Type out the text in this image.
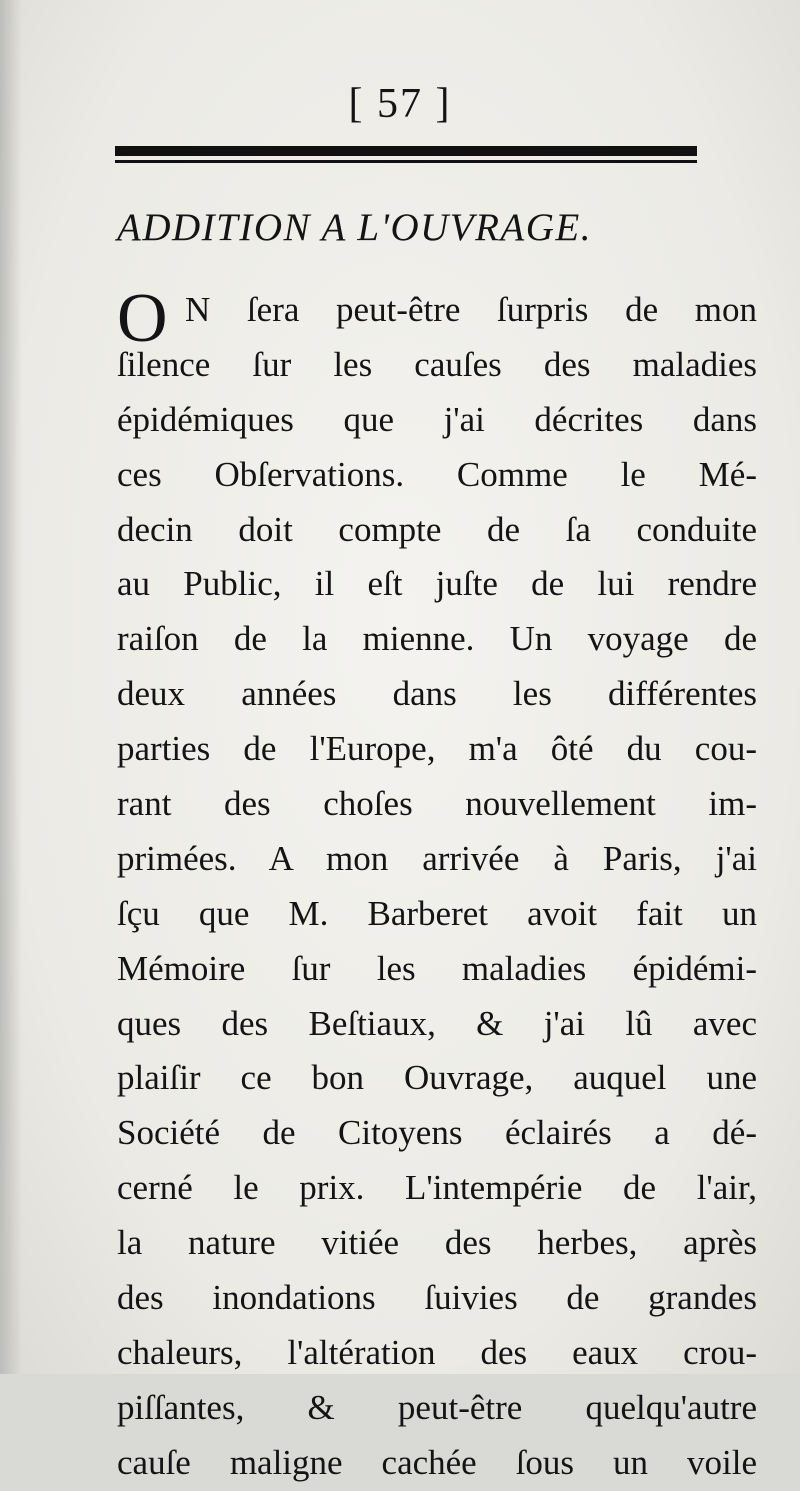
[ 57 ]
ADDITION A L'OUVRAGE.
O N ſera peut-être ſurpris de mon
ſilence ſur les cauſes des maladies
épidémiques que j'ai décrites dans
ces Obſervations. Comme le Mé-
decin doit compte de ſa conduite
au Public, il eſt juſte de lui rendre
raiſon de la mienne. Un voyage de
deux années dans les différentes
parties de l'Europe, m'a ôté du cou-
rant des choſes nouvellement im-
primées. A mon arrivée à Paris, j'ai
ſçu que M. Barberet avoit fait un
Mémoire ſur les maladies épidémi-
ques des Beſtiaux, & j'ai lû avec
plaiſir ce bon Ouvrage, auquel une
Société de Citoyens éclairés a dé-
cerné le prix. L'intempérie de l'air,
la nature vitiée des herbes, après
des inondations ſuivies de grandes
chaleurs, l'altération des eaux crou-
piſſantes, & peut-être quelqu'autre
cauſe maligne cachée ſous un voile
